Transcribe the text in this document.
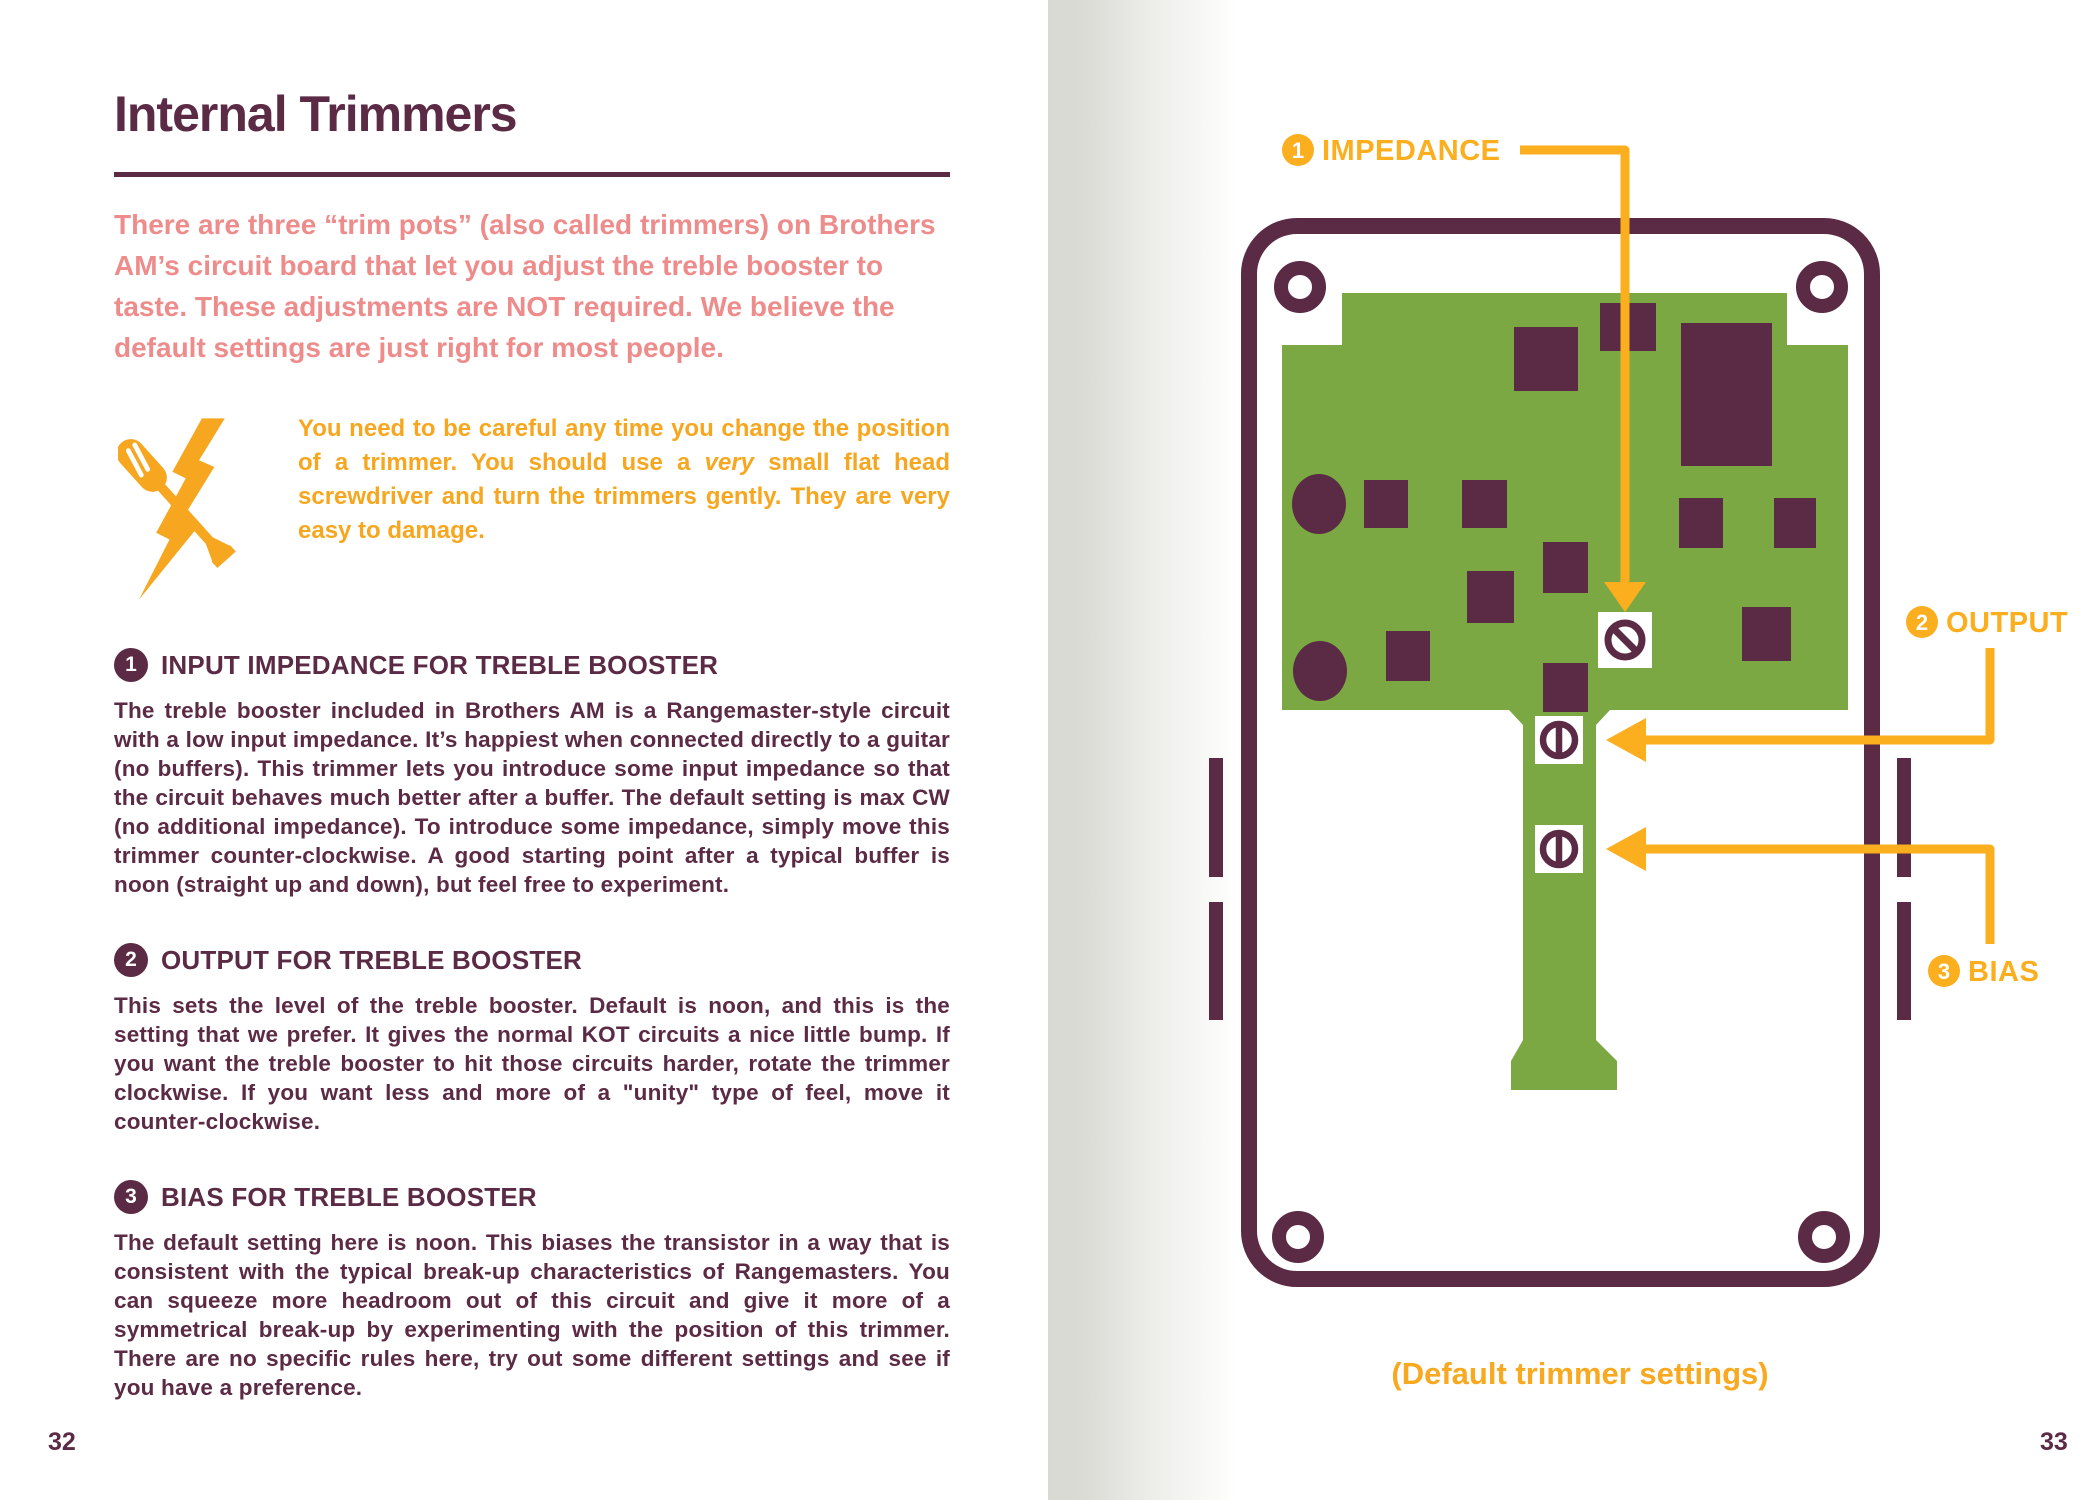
Internal Trimmers

There are three “trim pots” (also called trimmers) on Brothers AM’s circuit board that let you adjust the treble booster to taste. These adjustments are NOT required. We believe the default settings are just right for most people.

You need to be careful any time you change the position of a trimmer. You should use a very small flat head screwdriver and turn the trimmers gently. They are very easy to damage.

1 INPUT IMPEDANCE FOR TREBLE BOOSTER

The treble booster included in Brothers AM is a Rangemaster-style circuit with a low input impedance. It’s happiest when connected directly to a guitar (no buffers). This trimmer lets you introduce some input impedance so that the circuit behaves much better after a buffer. The default setting is max CW (no additional impedance). To introduce some impedance, simply move this trimmer counter-clockwise. A good starting point after a typical buffer is noon (straight up and down), but feel free to experiment.

2 OUTPUT FOR TREBLE BOOSTER

This sets the level of the treble booster. Default is noon, and this is the setting that we prefer. It gives the normal KOT circuits a nice little bump. If you want the treble booster to hit those circuits harder, rotate the trimmer clockwise. If you want less and more of a "unity" type of feel, move it counter-clockwise.

3 BIAS FOR TREBLE BOOSTER

The default setting here is noon. This biases the transistor in a way that is consistent with the typical break-up characteristics of Rangemasters. You can squeeze more headroom out of this circuit and give it more of a symmetrical break-up by experimenting with the position of this trimmer. There are no specific rules here, try out some different settings and see if you have a preference.

1 IMPEDANCE
2 OUTPUT
3 BIAS
(Default trimmer settings)
32	33
